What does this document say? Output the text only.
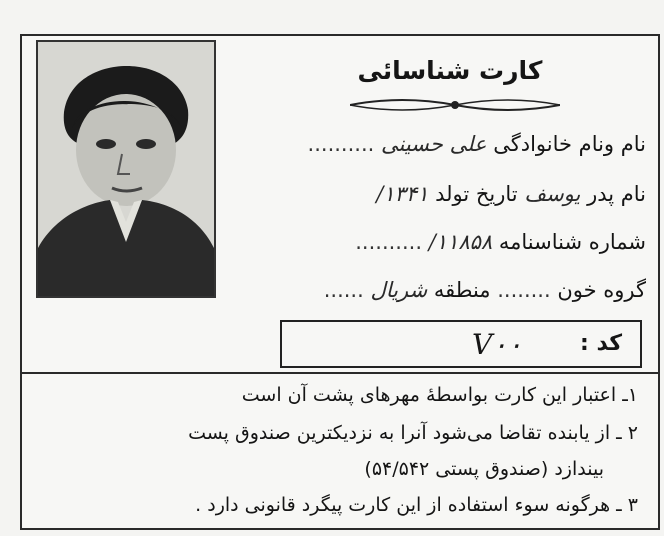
کارت شناسائی
نام ونام خانوادگی علی حسینی ..........
نام پدر یوسف تاریخ تولد ۱۳۴۱/
شماره شناسنامه ۱۱۸۵۸/ ..........
گروه خون ........ منطقه شریال ......
کد :
V۰۰
۱ـ اعتبار این کارت بواسطهٔ مهرهای پشت آن است
۲ ـ از یابنده تقاضا می‌شود آنرا به نزدیکترین صندوق پست
بیندازد (صندوق پستی ۵۴/۵۴۲)
۳ ـ هرگونه سوء استفاده از این کارت پیگرد قانونی دارد .
